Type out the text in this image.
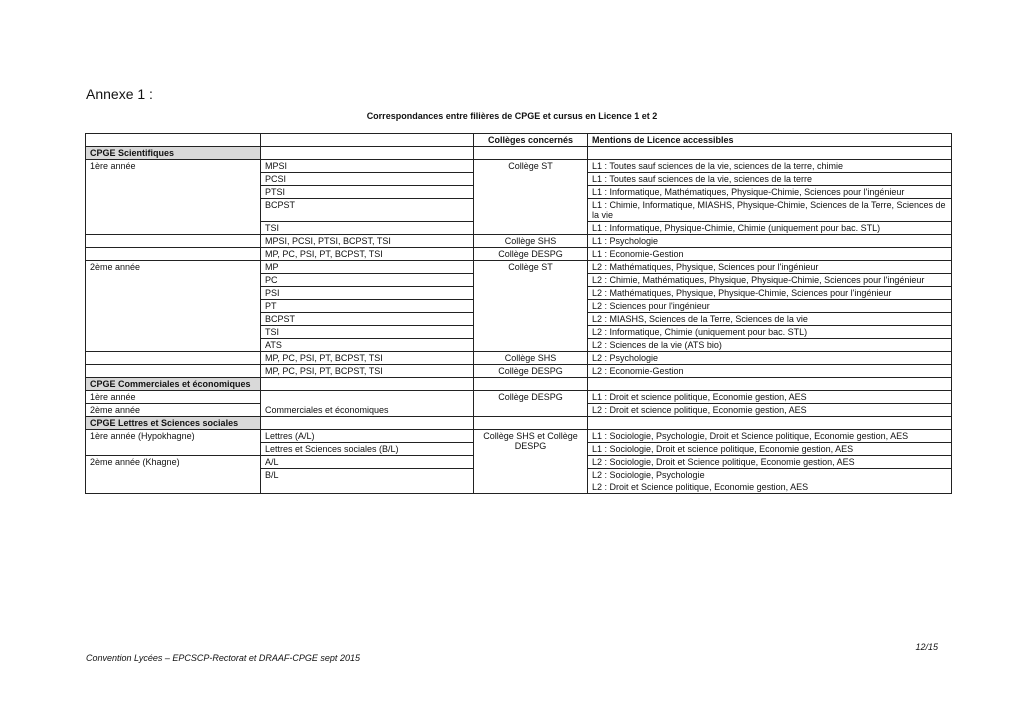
Annexe 1 :
Correspondances entre filières de CPGE et cursus en Licence 1 et 2
		Collèges concernés	Mentions de Licence accessibles
CPGE Scientifiques			
1ère année	MPSI	Collège ST	L1 : Toutes sauf sciences de la vie, sciences de la terre, chimie
	PCSI		L1 : Toutes sauf sciences de la vie, sciences de la terre
	PTSI		L1 : Informatique, Mathématiques, Physique-Chimie, Sciences pour l'ingénieur
	BCPST		L1 : Chimie, Informatique, MIASHS, Physique-Chimie, Sciences de la Terre, Sciences de la vie
	TSI		L1 : Informatique, Physique-Chimie, Chimie (uniquement pour bac. STL)
	MPSI, PCSI, PTSI, BCPST, TSI	Collège SHS	L1 : Psychologie
	MP, PC, PSI, PT, BCPST, TSI	Collège DESPG	L1 : Economie-Gestion
2ème année	MP	Collège ST	L2 : Mathématiques, Physique, Sciences pour l'ingénieur
	PC		L2 : Chimie, Mathématiques, Physique, Physique-Chimie, Sciences pour l'ingénieur
	PSI		L2 : Mathématiques, Physique, Physique-Chimie, Sciences pour l'ingénieur
	PT		L2 : Sciences pour l'ingénieur
	BCPST		L2 : MIASHS, Sciences de la Terre, Sciences de la vie
	TSI		L2 : Informatique, Chimie (uniquement pour bac. STL)
	ATS		L2 : Sciences de la vie (ATS bio)
	MP, PC, PSI, PT, BCPST, TSI	Collège SHS	L2 : Psychologie
	MP, PC, PSI, PT, BCPST, TSI	Collège DESPG	L2 : Economie-Gestion
CPGE Commerciales et économiques			
1ère année	Commerciales et économiques	Collège DESPG	L1 : Droit et science politique, Economie gestion, AES
2ème année			L2 : Droit et science politique, Economie gestion, AES
CPGE Lettres et Sciences sociales			
1ère année (Hypokhagne)	Lettres (A/L)	Collège SHS et Collège DESPG	L1 : Sociologie, Psychologie, Droit et Science politique, Economie gestion, AES
	Lettres et Sciences sociales (B/L)		L1 : Sociologie, Droit et science politique, Economie gestion, AES
2ème année (Khagne)	A/L		L2 : Sociologie, Droit et Science politique, Economie gestion, AES
	B/L		L2 : Sociologie, Psychologie
			L2 : Droit et Science politique, Economie gestion, AES
12/15
Convention Lycées – EPCSCP-Rectorat et DRAAF-CPGE sept 2015
